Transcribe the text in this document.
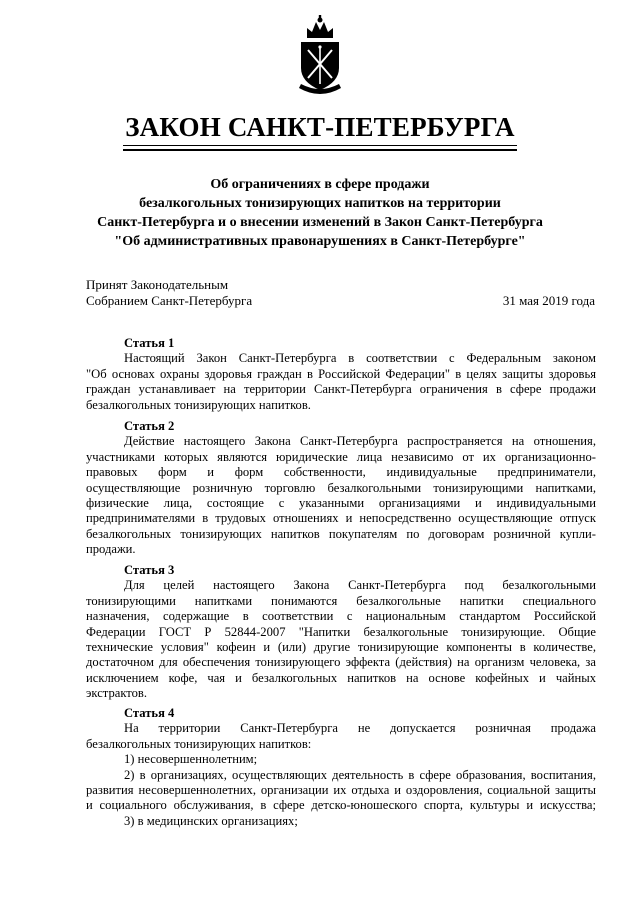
ЗАКОН САНКТ-ПЕТЕРБУРГА
Об ограничениях в сфере продажи
безалкогольных тонизирующих напитков на территории
Санкт-Петербурга и о внесении изменений в Закон Санкт-Петербурга
"Об административных правонарушениях в Санкт-Петербурге"
Принят Законодательным
Собранием Санкт-Петербурга	31 мая 2019 года
Статья 1
Настоящий Закон Санкт-Петербурга в соответствии с Федеральным законом
"Об основах охраны здоровья граждан в Российской Федерации" в целях защиты здоровья
граждан устанавливает на территории Санкт-Петербурга ограничения в сфере продажи
безалкогольных тонизирующих напитков.
Статья 2
Действие настоящего Закона Санкт-Петербурга распространяется на отношения,
участниками которых являются юридические лица независимо от их организационно-
правовых форм и форм собственности, индивидуальные предприниматели,
осуществляющие розничную торговлю безалкогольными тонизирующими напитками,
физические лица, состоящие с указанными организациями и индивидуальными
предпринимателями в трудовых отношениях и непосредственно осуществляющие отпуск
безалкогольных тонизирующих напитков покупателям по договорам розничной купли-
продажи.
Статья 3
Для целей настоящего Закона Санкт-Петербурга под безалкогольными
тонизирующими напитками понимаются безалкогольные напитки специального
назначения, содержащие в соответствии с национальным стандартом Российской
Федерации ГОСТ Р 52844-2007 "Напитки безалкогольные тонизирующие. Общие
технические условия" кофеин и (или) другие тонизирующие компоненты в количестве,
достаточном для обеспечения тонизирующего эффекта (действия) на организм человека, за
исключением кофе, чая и безалкогольных напитков на основе кофейных и чайных
экстрактов.
Статья 4
На территории Санкт-Петербурга не допускается розничная продажа
безалкогольных тонизирующих напитков:
1) несовершеннолетним;
2) в организациях, осуществляющих деятельность в сфере образования, воспитания,
развития несовершеннолетних, организации их отдыха и оздоровления, социальной защиты
и социального обслуживания, в сфере детско-юношеского спорта, культуры и искусства;
3) в медицинских организациях;
